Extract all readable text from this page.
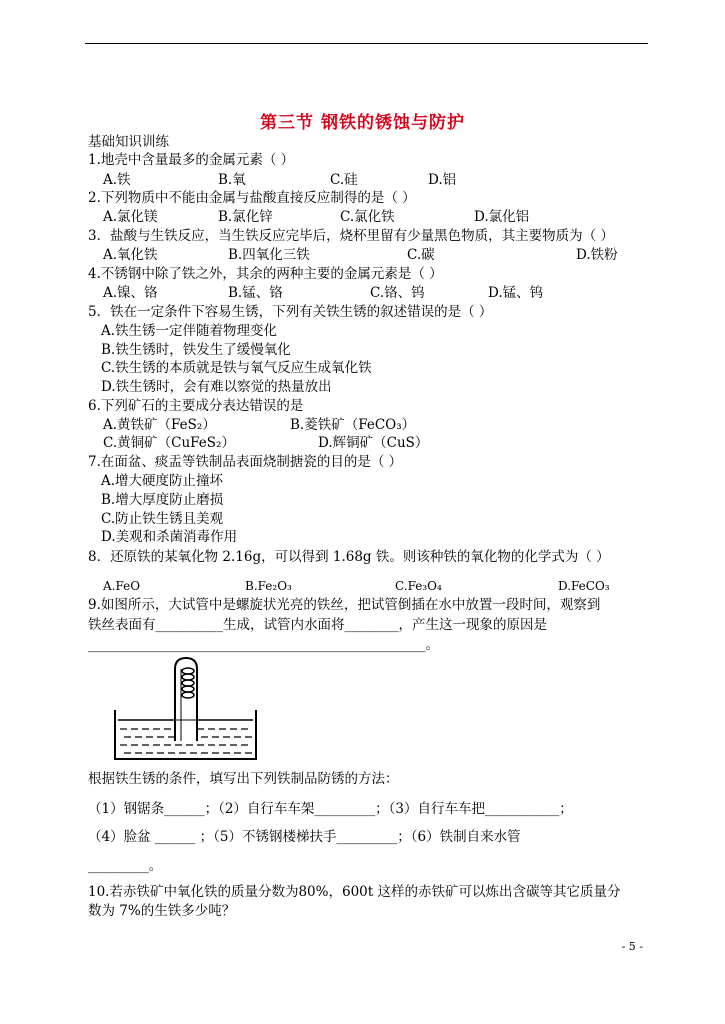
第三节 钢铁的锈蚀与防护
基础知识训练
1.地壳中含量最多的金属元素（ ）
A.铁	B.氧	C.硅	D.铝
2.下列物质中不能由金属与盐酸直接反应制得的是（ ）
A.氯化镁	B.氯化锌	C.氯化铁	D.氯化铝
3．盐酸与生铁反应，当生铁反应完毕后，烧杯里留有少量黑色物质，其主要物质为（ ）
A.氧化铁	B.四氧化三铁	C.碳	D.铁粉
4.不锈钢中除了铁之外，其余的两种主要的金属元素是（ ）
A.镍、铬	B.锰、铬	C.铬、钨	D.锰、钨
5．铁在一定条件下容易生锈，下列有关铁生锈的叙述错误的是（ ）
A.铁生锈一定伴随着物理变化
B.铁生锈时，铁发生了缓慢氧化
C.铁生锈的本质就是铁与氧气反应生成氧化铁
D.铁生锈时，会有难以察觉的热量放出
6.下列矿石的主要成分表达错误的是
A.黄铁矿（FeS₂）	B.菱铁矿（FeCO₃）
C.黄铜矿（CuFeS₂）	D.辉铜矿（CuS）
7.在面盆、痰盂等铁制品表面烧制搪瓷的目的是（ ）
A.增大硬度防止撞坏
B.增大厚度防止磨损
C.防止铁生锈且美观
D.美观和杀菌消毒作用
8．还原铁的某氧化物 2.16g，可以得到 1.68g 铁。则该种铁的氧化物的化学式为（ ）
A.FeO	B.Fe₂O₃	C.Fe₃O₄	D.FeCO₃
9.如图所示，大试管中是螺旋状光亮的铁丝，把试管倒插在水中放置一段时间，观察到
铁丝表面有__________生成，试管内水面将________，产生这一现象的原因是
__________________________________________________。
根据铁生锈的条件，填写出下列铁制品防锈的方法：
（1）钢锯条______；（2）自行车车架_________；（3）自行车车把___________；
（4）脸盆 ______ ；（5）不锈钢楼梯扶手_________；（6）铁制自来水管
_________。
10.若赤铁矿中氧化铁的质量分数为80%，600t 这样的赤铁矿可以炼出含碳等其它质量分
数为 7%的生铁多少吨？
- 5 -
